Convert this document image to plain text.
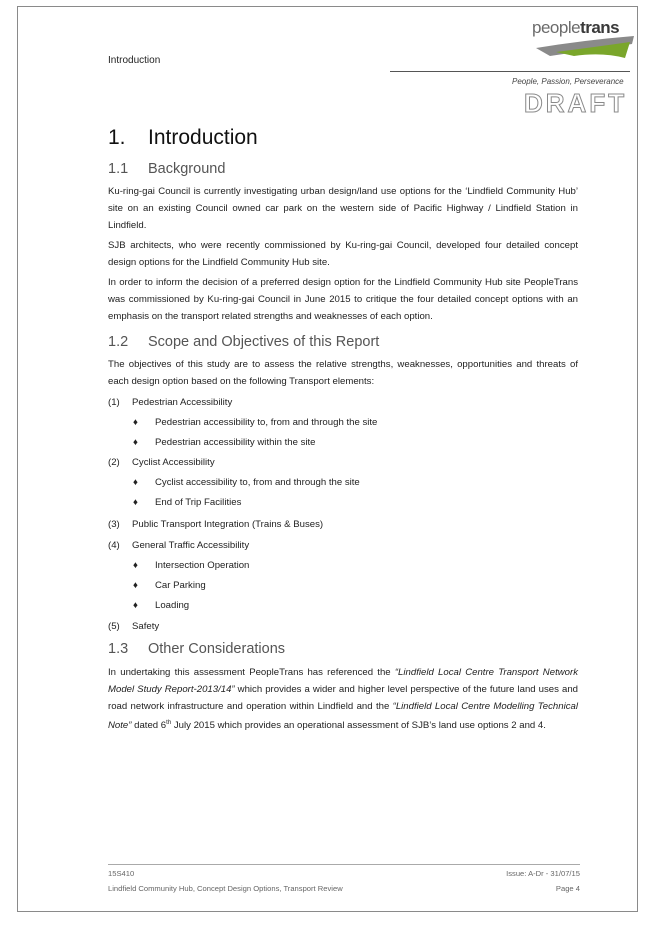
Introduction
peopletrans
People, Passion, Perseverance
DRAFT
1. Introduction
1.1 Background

Ku-ring-gai Council is currently investigating urban design/land use options for the ‘Lindfield Community Hub’ site on an existing Council owned car park on the western side of Pacific Highway / Lindfield Station in Lindfield.

SJB architects, who were recently commissioned by Ku-ring-gai Council, developed four detailed concept design options for the Lindfield Community Hub site.

In order to inform the decision of a preferred design option for the Lindfield Community Hub site PeopleTrans was commissioned by Ku-ring-gai Council in June 2015 to critique the four detailed concept options with an emphasis on the transport related strengths and weaknesses of each option.

1.2 Scope and Objectives of this Report

The objectives of this study are to assess the relative strengths, weaknesses, opportunities and threats of each design option based on the following Transport elements:

(1) Pedestrian Accessibility
♦ Pedestrian accessibility to, from and through the site
♦ Pedestrian accessibility within the site
(2) Cyclist Accessibility
♦ Cyclist accessibility to, from and through the site
♦ End of Trip Facilities
(3) Public Transport Integration (Trains & Buses)
(4) General Traffic Accessibility
♦ Intersection Operation
♦ Car Parking
♦ Loading
(5) Safety
1.3 Other Considerations

In undertaking this assessment PeopleTrans has referenced the “Lindfield Local Centre Transport Network Model Study Report-2013/14” which provides a wider and higher level perspective of the future land uses and road network infrastructure and operation within Lindfield and the “Lindfield Local Centre Modelling Technical Note” dated 6th July 2015 which provides an operational assessment of SJB’s land use options 2 and 4.

15S410	Issue: A-Dr - 31/07/15
Lindfield Community Hub, Concept Design Options, Transport Review	Page 4
